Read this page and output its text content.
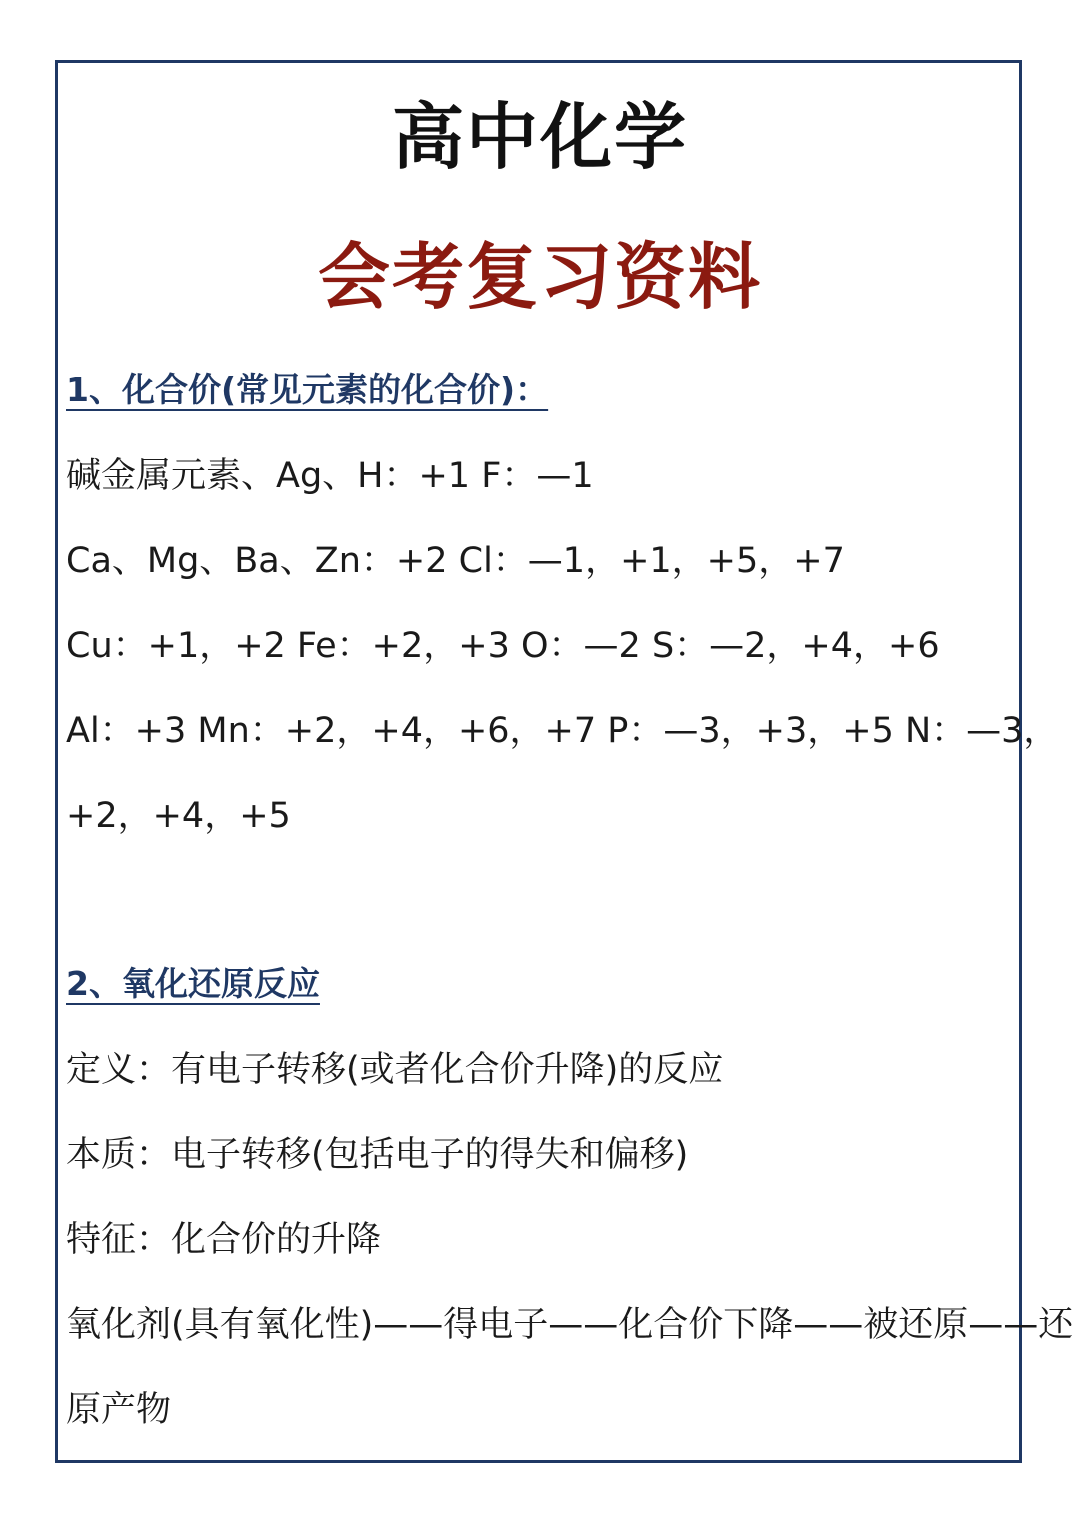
高中化学
会考复习资料
1、化合价(常见元素的化合价)：
碱金属元素、Ag、H：+1 F：—1
Ca、Mg、Ba、Zn：+2 Cl：—1，+1，+5，+7
Cu：+1，+2 Fe：+2，+3 O：—2 S：—2，+4，+6
Al：+3 Mn：+2，+4，+6，+7 P：—3，+3，+5 N：—3，
+2，+4，+5
2、氧化还原反应
定义：有电子转移(或者化合价升降)的反应
本质：电子转移(包括电子的得失和偏移)
特征：化合价的升降
氧化剂(具有氧化性)——得电子——化合价下降——被还原——还
原产物
